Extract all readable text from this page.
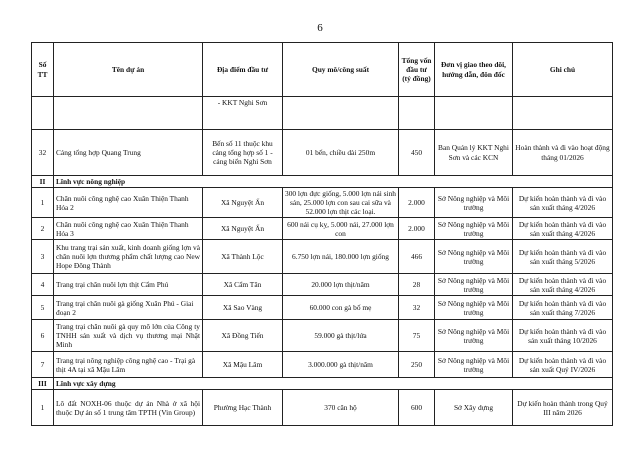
6
Số TT	Tên dự án	Địa điểm đầu tư	Quy mô/công suất	Tổng vốn đầu tư (tỷ đồng)	Đơn vị giao theo dõi, hướng dẫn, đôn đốc	Ghi chú
		- KKT Nghi Sơn				
32	Cảng tổng hợp Quang Trung	Bến số 11 thuộc khu cảng tổng hợp số 1 - cảng biển Nghi Sơn	01 bến, chiều dài 250m	450	Ban Quản lý KKT Nghi Sơn và các KCN	Hoàn thành và đi vào hoạt động tháng 01/2026
II	Lĩnh vực nông nghiệp					
1	Chăn nuôi công nghệ cao Xuân Thiện Thanh Hóa 2	Xã Nguyệt Ấn	300 lợn đực giống, 5.000 lợn nái sinh sản, 25.000 lợn con sau cai sữa và 52.000 lợn thịt các loại.	2.000	Sở Nông nghiệp và Môi trường	Dự kiến hoàn thành và đi vào sản xuất tháng 4/2026
2	Chăn nuôi công nghệ cao Xuân Thiện Thanh Hóa 3	Xã Nguyệt Ấn	600 nái cụ kỵ, 5.000 nái, 27.000 lợn con	2.000	Sở Nông nghiệp và Môi trường	Dự kiến hoàn thành và đi vào sản xuất tháng 4/2026
3	Khu trang trại sản xuất, kinh doanh giống lợn và chăn nuôi lợn thương phẩm chất lượng cao New Hope Đông Thành	Xã Thành Lộc	6.750 lợn nái, 180.000 lợn giống	466	Sở Nông nghiệp và Môi trường	Dự kiến hoàn thành và đi vào sản xuất tháng 5/2026
4	Trang trại chăn nuôi lợn thịt Cẩm Phú	Xã Cẩm Tân	20.000 lợn thịt/năm	28	Sở Nông nghiệp và Môi trường	Dự kiến hoàn thành và đi vào sản xuất tháng 4/2026
5	Trang trại chăn nuôi gà giống Xuân Phú - Giai đoạn 2	Xã Sao Vàng	60.000 con gà bố mẹ	32	Sở Nông nghiệp và Môi trường	Dự kiến hoàn thành và đi vào sản xuất tháng 7/2026
6	Trang trại chăn nuôi gà quy mô lớn của Công ty TNHH sản xuất và dịch vụ thương mại Nhật Minh	Xã Đồng Tiến	59.000 gà thịt/lứa	75	Sở Nông nghiệp và Môi trường	Dự kiến hoàn thành và đi vào sản xuất tháng 10/2026
7	Trang trại nông nghiệp công nghệ cao - Trại gà thịt 4A tại xã Mậu Lâm	Xã Mậu Lâm	3.000.000 gà thịt/năm	250	Sở Nông nghiệp và Môi trường	Dự kiến hoàn thành và đi vào sản xuất Quý IV/2026
III	Lĩnh vực xây dựng					
1	Lô đất NOXH-06 thuộc dự án Nhà ở xã hội thuộc Dự án số 1 trung tâm TPTH (Vin Group)	Phường Hạc Thành	370 căn hộ	600	Sở Xây dựng	Dự kiến hoàn thành trong Quý III năm 2026
